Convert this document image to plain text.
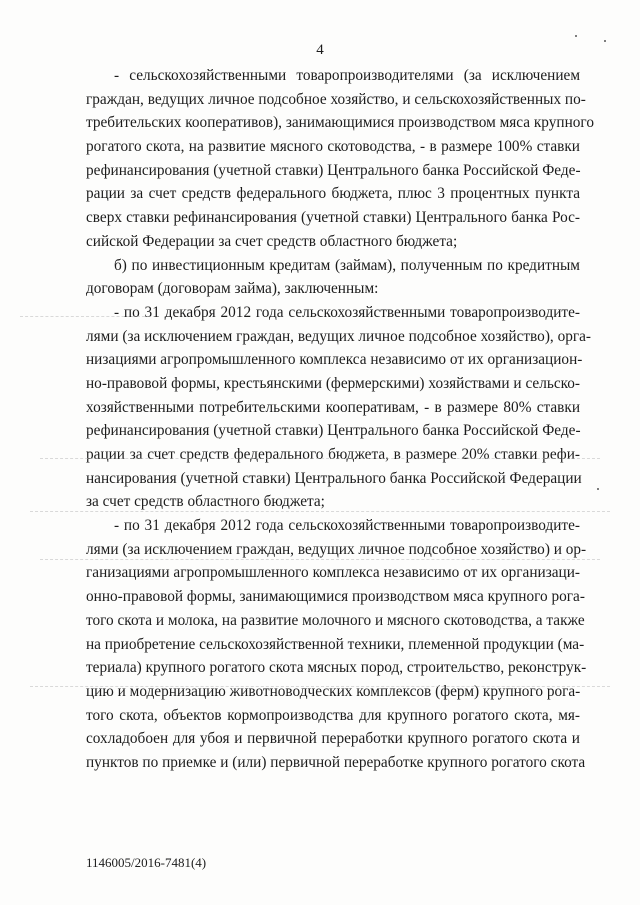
4
- сельскохозяйственными товаропроизводителями (за исключением
граждан, ведущих личное подсобное хозяйство, и сельскохозяйственных по-
требительских кооперативов), занимающимися производством мяса крупного
рогатого скота, на развитие мясного скотоводства, - в размере 100% ставки
рефинансирования (учетной ставки) Центрального банка Российской Феде-
рации за счет средств федерального бюджета, плюс 3 процентных пункта
сверх ставки рефинансирования (учетной ставки) Центрального банка Рос-
сийской Федерации за счет средств областного бюджета;
б) по инвестиционным кредитам (займам), полученным по кредитным
договорам (договорам займа), заключенным:
- по 31 декабря 2012 года сельскохозяйственными товаропроизводите-
лями (за исключением граждан, ведущих личное подсобное хозяйство), орга-
низациями агропромышленного комплекса независимо от их организацион-
но-правовой формы, крестьянскими (фермерскими) хозяйствами и сельско-
хозяйственными потребительскими кооперативам, - в размере 80% ставки
рефинансирования (учетной ставки) Центрального банка Российской Феде-
рации за счет средств федерального бюджета, в размере 20% ставки рефи-
нансирования (учетной ставки) Центрального банка Российской Федерации
за счет средств областного бюджета;
- по 31 декабря 2012 года сельскохозяйственными товаропроизводите-
лями (за исключением граждан, ведущих личное подсобное хозяйство) и ор-
ганизациями агропромышленного комплекса независимо от их организаци-
онно-правовой формы, занимающимися производством мяса крупного рога-
того скота и молока, на развитие молочного и мясного скотоводства, а также
на приобретение сельскохозяйственной техники, племенной продукции (ма-
териала) крупного рогатого скота мясных пород, строительство, реконструк-
цию и модернизацию животноводческих комплексов (ферм) крупного рога-
того скота, объектов кормопроизводства для крупного рогатого скота, мя-
сохладобоен для убоя и первичной переработки крупного рогатого скота и
пунктов по приемке и (или) первичной переработке крупного рогатого скота
1146005/2016-7481(4)
